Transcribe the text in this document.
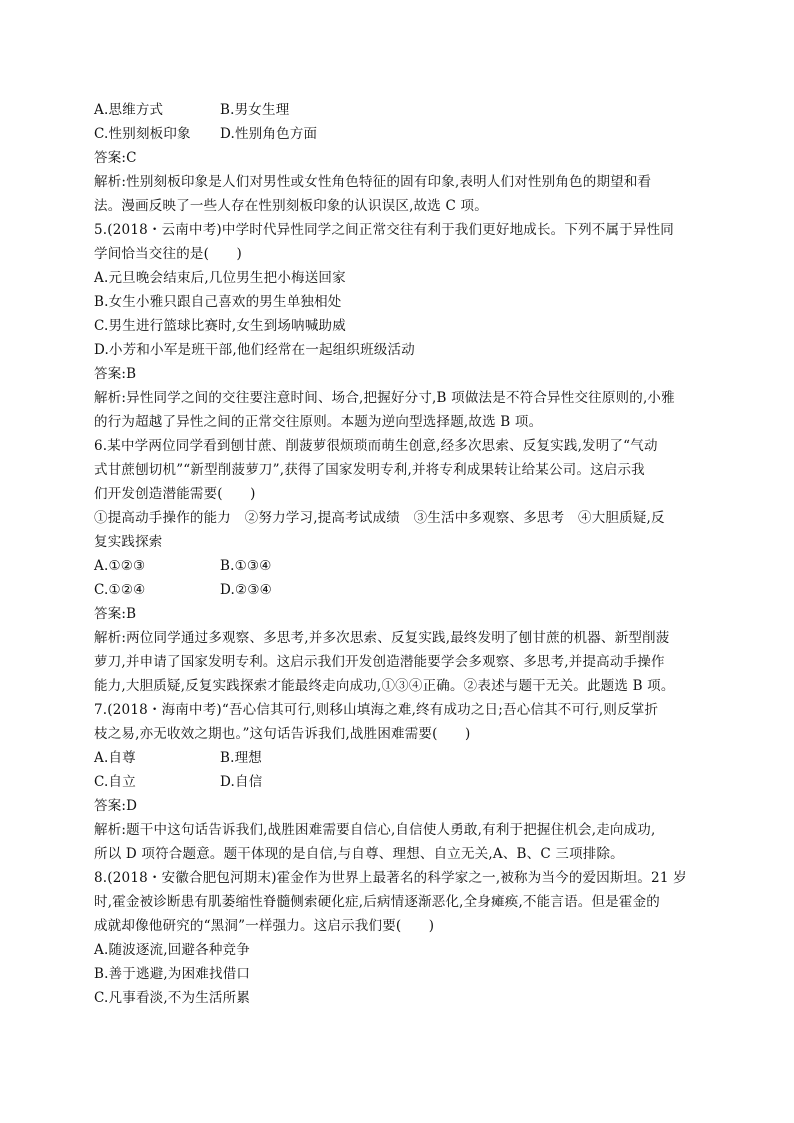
A.思维方式	B.男女生理
C.性别刻板印象	D.性别角色方面
答案:C
解析:性别刻板印象是人们对男性或女性角色特征的固有印象,表明人们对性别角色的期望和看
法。漫画反映了一些人存在性别刻板印象的认识误区,故选 C 项。
5.(2018・云南中考)中学时代异性同学之间正常交往有利于我们更好地成长。下列不属于异性同
学间恰当交往的是(　　)
A.元旦晚会结束后,几位男生把小梅送回家
B.女生小雅只跟自己喜欢的男生单独相处
C.男生进行篮球比赛时,女生到场呐喊助威
D.小芳和小军是班干部,他们经常在一起组织班级活动
答案:B
解析:异性同学之间的交往要注意时间、场合,把握好分寸,B 项做法是不符合异性交往原则的,小雅
的行为超越了异性之间的正常交往原则。本题为逆向型选择题,故选 B 项。
6.某中学两位同学看到刨甘蔗、削菠萝很烦琐而萌生创意,经多次思索、反复实践,发明了“气动
式甘蔗刨切机”“新型削菠萝刀”,获得了国家发明专利,并将专利成果转让给某公司。这启示我
们开发创造潜能需要(　　)
①提高动手操作的能力　②努力学习,提高考试成绩　③生活中多观察、多思考　④大胆质疑,反
复实践探索
A.①②③	B.①③④
C.①②④	D.②③④
答案:B
解析:两位同学通过多观察、多思考,并多次思索、反复实践,最终发明了刨甘蔗的机器、新型削菠
萝刀,并申请了国家发明专利。这启示我们开发创造潜能要学会多观察、多思考,并提高动手操作
能力,大胆质疑,反复实践探索才能最终走向成功,①③④正确。②表述与题干无关。此题选 B 项。
7.(2018・海南中考)“吾心信其可行,则移山填海之难,终有成功之日;吾心信其不可行,则反掌折
枝之易,亦无收效之期也。”这句话告诉我们,战胜困难需要(　　)
A.自尊	B.理想
C.自立	D.自信
答案:D
解析:题干中这句话告诉我们,战胜困难需要自信心,自信使人勇敢,有利于把握住机会,走向成功,
所以 D 项符合题意。题干体现的是自信,与自尊、理想、自立无关,A、B、C 三项排除。
8.(2018・安徽合肥包河期末)霍金作为世界上最著名的科学家之一,被称为当今的爱因斯坦。21 岁
时,霍金被诊断患有肌萎缩性脊髓侧索硬化症,后病情逐渐恶化,全身瘫痪,不能言语。但是霍金的
成就却像他研究的“黑洞”一样强力。这启示我们要(　　)
A.随波逐流,回避各种竞争
B.善于逃避,为困难找借口
C.凡事看淡,不为生活所累
